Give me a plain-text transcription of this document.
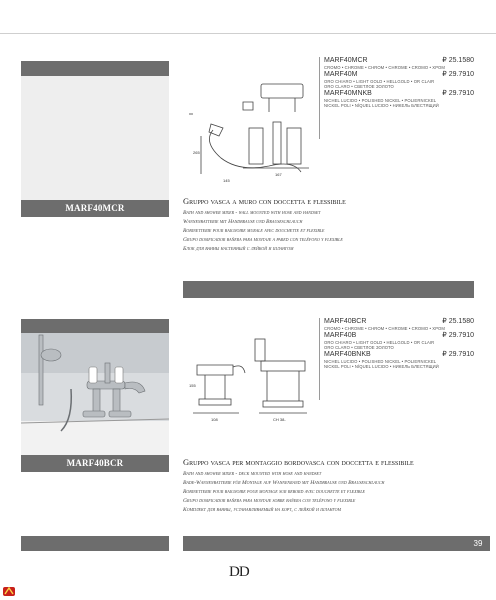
MARF40MCR
265
145
167
MARF40MCR	₽ 25.1580
CROMO • CHROME • CHROM • CHROME • CROMO • ХРОМ
MARF40M	₽ 29.7910
ORO CHIARO • LIGHT GOLD • HELLGOLD • OR CLAIR
ORO CLARO • СВЕТЛОЕ ЗОЛОТО
MARF40MNKB	₽ 29.7910
NICHEL LUCIDO • POLISHED NICKEL • POLIERNICKEL
NICKEL POLI • NÍQUEL LUCIDO • НИКЕЛЬ БЛЕСТЯЩИЙ
Gruppo vasca a muro con doccetta e flessibile
Bath and shower mixer - wall mounted with hose and handset
Wannenbatterie mit Handbrause und Brauseschlauch
Robinetterie pour baignoire murale avec douchette et flexible
Grupo dosificador bañera para montaje a pared con teléfono y flexible
Блок для ванны настенный с лейкой и шлангом
MARF40BCR
108
155
CH 38-
MARF40BCR	₽ 25.1580
CROMO • CHROME • CHROM • CHROME • CROMO • ХРОМ
MARF40B	₽ 29.7910
ORO CHIARO • LIGHT GOLD • HELLGOLD • OR CLAIR
ORO CLARO • СВЕТЛОЕ ЗОЛОТО
MARF40BNKB	₽ 29.7910
NICHEL LUCIDO • POLISHED NICKEL • POLIERNICKEL
NICKEL POLI • NÍQUEL LUCIDO • НИКЕЛЬ БЛЕСТЯЩИЙ
Gruppo vasca per montaggio bordovasca con doccetta e flessibile
Bath and shower mixer - deck mounted with hose and handset
Bade-Wannenbatterie für Montage auf Wannenrand mit Handbrause und Brauseschlauch
Robinetterie pour baignoire pour montage sur rebord avec douchette et flexible
Grupo dosificador bañera para montaje sobre bañera con teléfono y flexible
Комплект для ванны, устанавливаемый на борт, с лейкой и шлангом
39
DD
